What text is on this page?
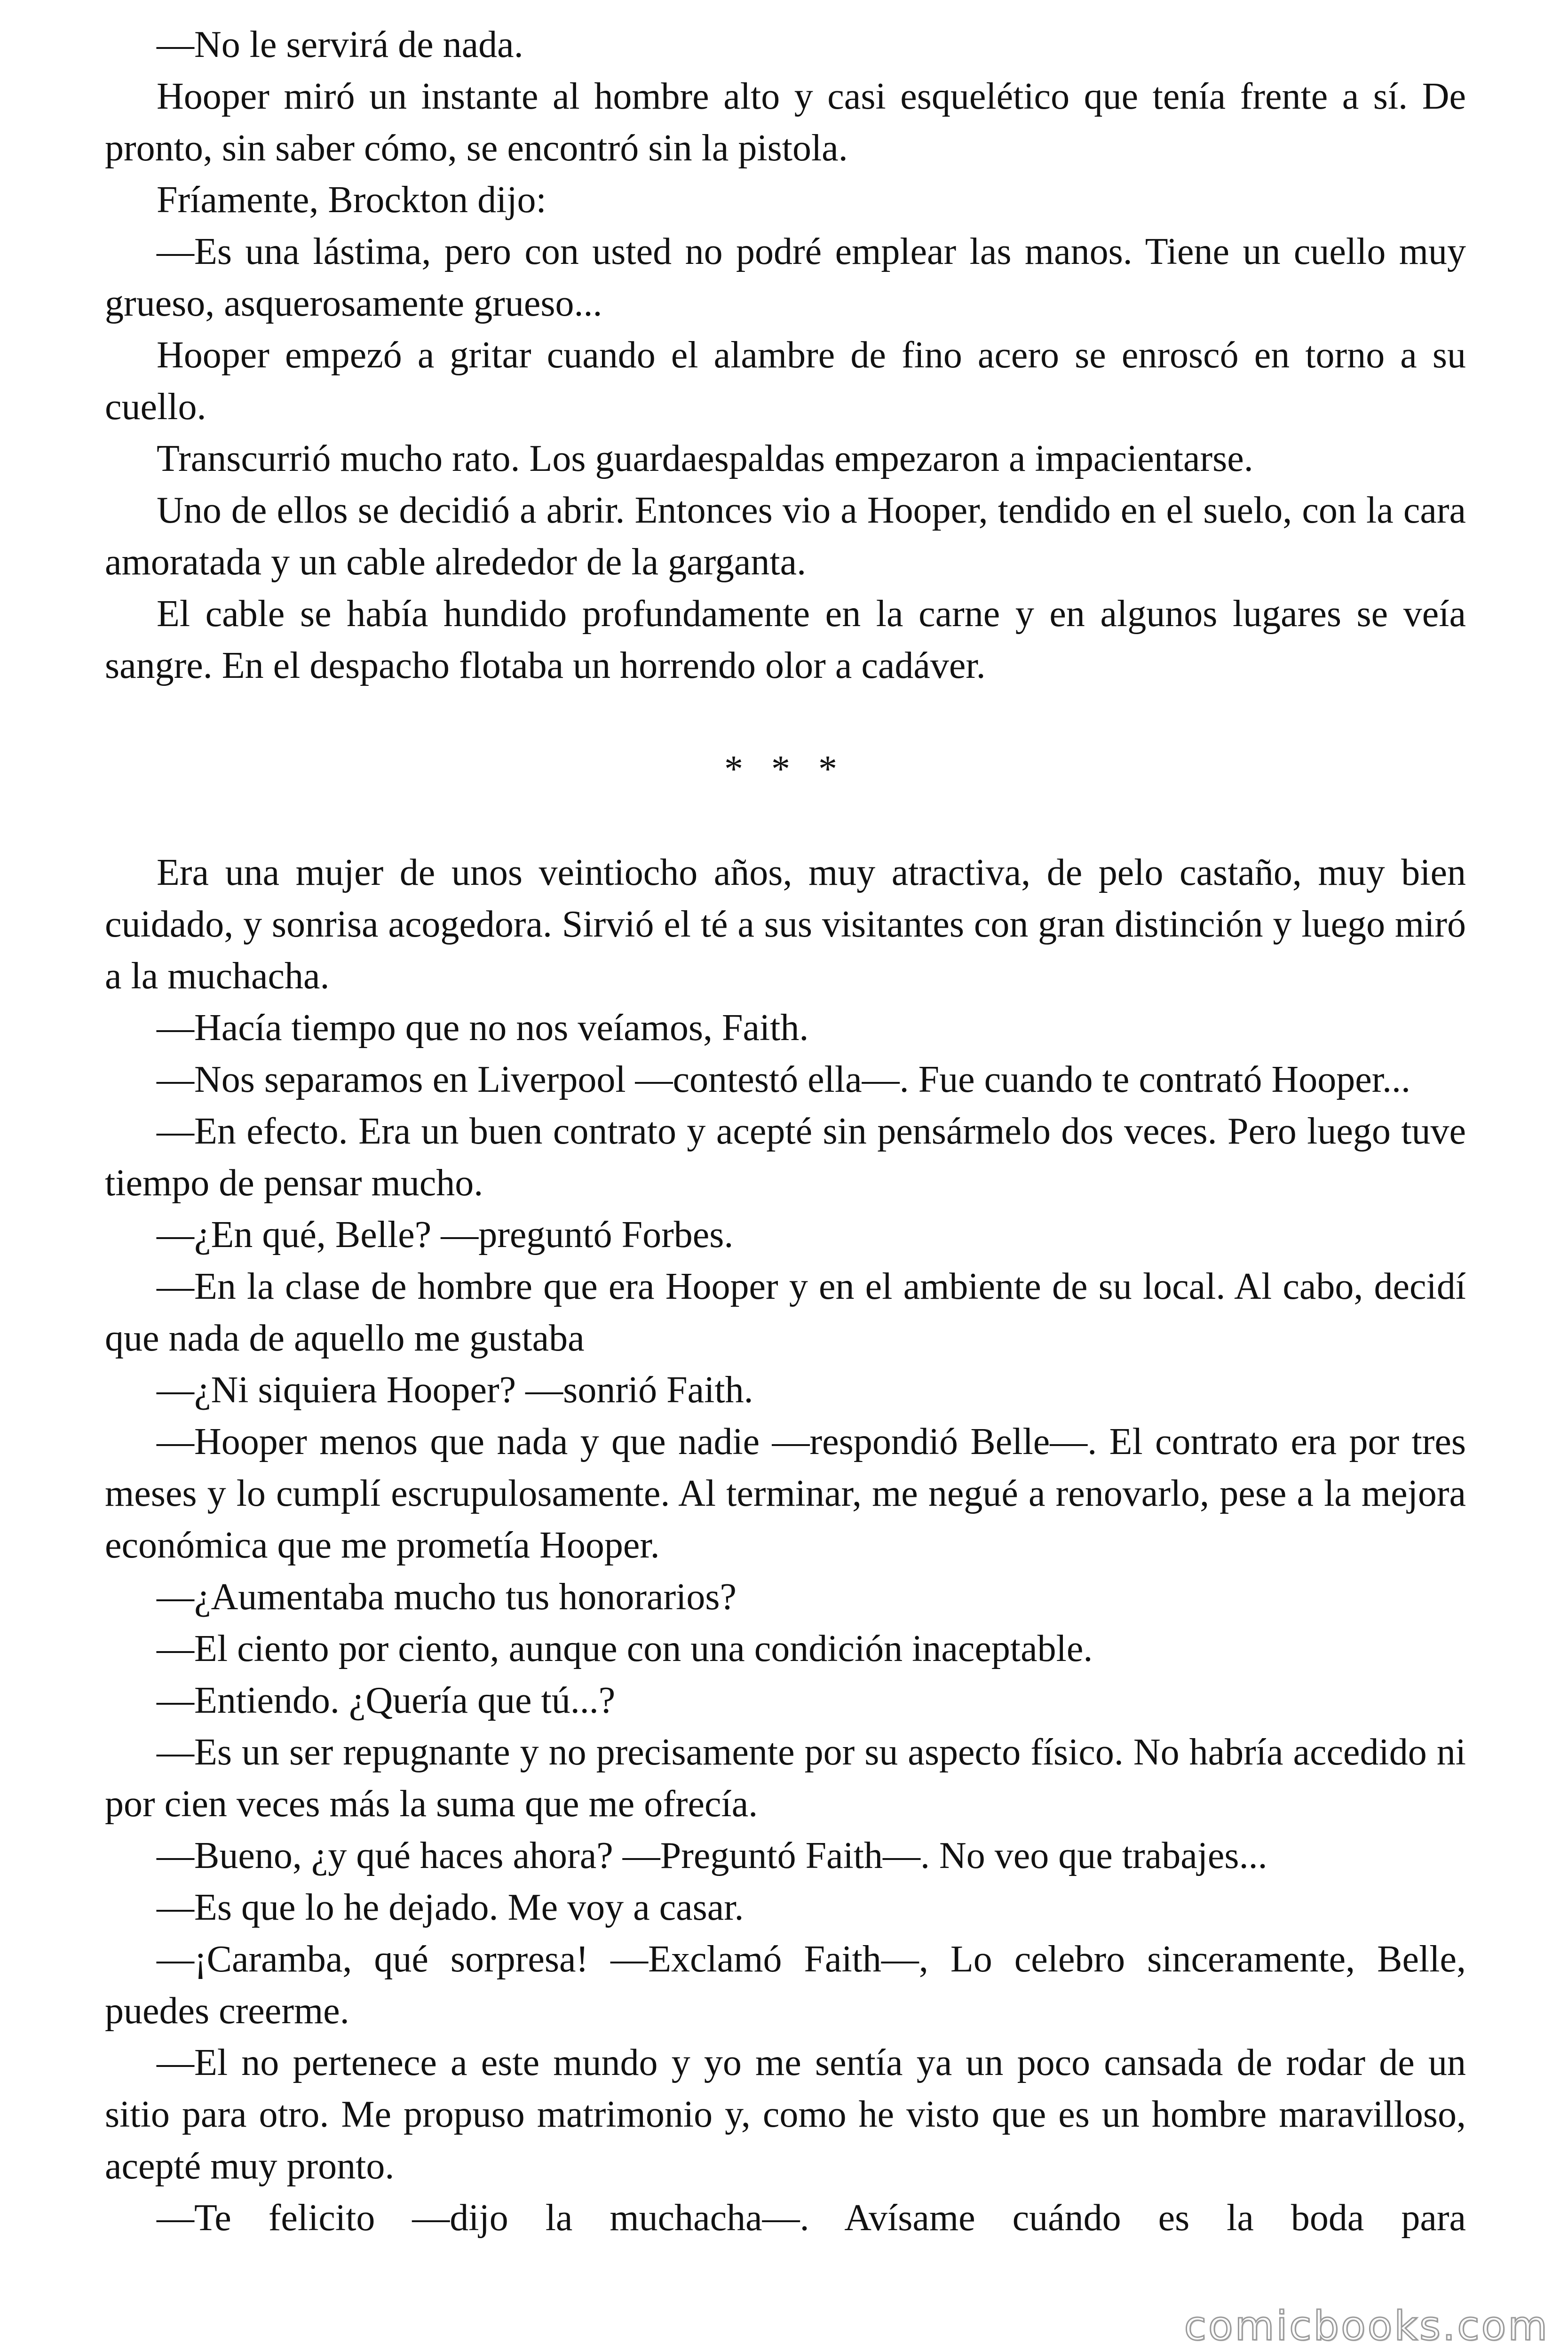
—No le servirá de nada.

Hooper miró un instante al hombre alto y casi esquelético que tenía frente a sí. De pronto, sin saber cómo, se encontró sin la pistola.

Fríamente, Brockton dijo:

—Es una lástima, pero con usted no podré emplear las manos. Tiene un cuello muy grueso, asquerosamente grueso...

Hooper empezó a gritar cuando el alambre de fino acero se enroscó en torno a su cuello.

Transcurrió mucho rato. Los guardaespaldas empezaron a impacientarse.

Uno de ellos se decidió a abrir. Entonces vio a Hooper, tendido en el suelo, con la cara amoratada y un cable alrededor de la garganta.

El cable se había hundido profundamente en la carne y en algunos lugares se veía sangre. En el despacho flotaba un horrendo olor a cadáver.

* * *

Era una mujer de unos veintiocho años, muy atractiva, de pelo castaño, muy bien cuidado, y sonrisa acogedora. Sirvió el té a sus visitantes con gran distinción y luego miró a la muchacha.

—Hacía tiempo que no nos veíamos, Faith.

—Nos separamos en Liverpool —contestó ella—. Fue cuando te contrató Hooper...

—En efecto. Era un buen contrato y acepté sin pensármelo dos veces. Pero luego tuve tiempo de pensar mucho.

—¿En qué, Belle? —preguntó Forbes.

—En la clase de hombre que era Hooper y en el ambiente de su local. Al cabo, decidí que nada de aquello me gustaba

—¿Ni siquiera Hooper? —sonrió Faith.

—Hooper menos que nada y que nadie —respondió Belle—. El contrato era por tres meses y lo cumplí escrupulosamente. Al terminar, me negué a renovarlo, pese a la mejora económica que me prometía Hooper.

—¿Aumentaba mucho tus honorarios?

—El ciento por ciento, aunque con una condición inaceptable.

—Entiendo. ¿Quería que tú...?

—Es un ser repugnante y no precisamente por su aspecto físico. No habría accedido ni por cien veces más la suma que me ofrecía.

—Bueno, ¿y qué haces ahora? —Preguntó Faith—. No veo que trabajes...

—Es que lo he dejado. Me voy a casar.

—¡Caramba, qué sorpresa! —Exclamó Faith—, Lo celebro sinceramente, Belle, puedes creerme.

—El no pertenece a este mundo y yo me sentía ya un poco cansada de rodar de un sitio para otro. Me propuso matrimonio y, como he visto que es un hombre maravilloso, acepté muy pronto.

—Te felicito —dijo la muchacha—. Avísame cuándo es la boda para

comicbooks.com
